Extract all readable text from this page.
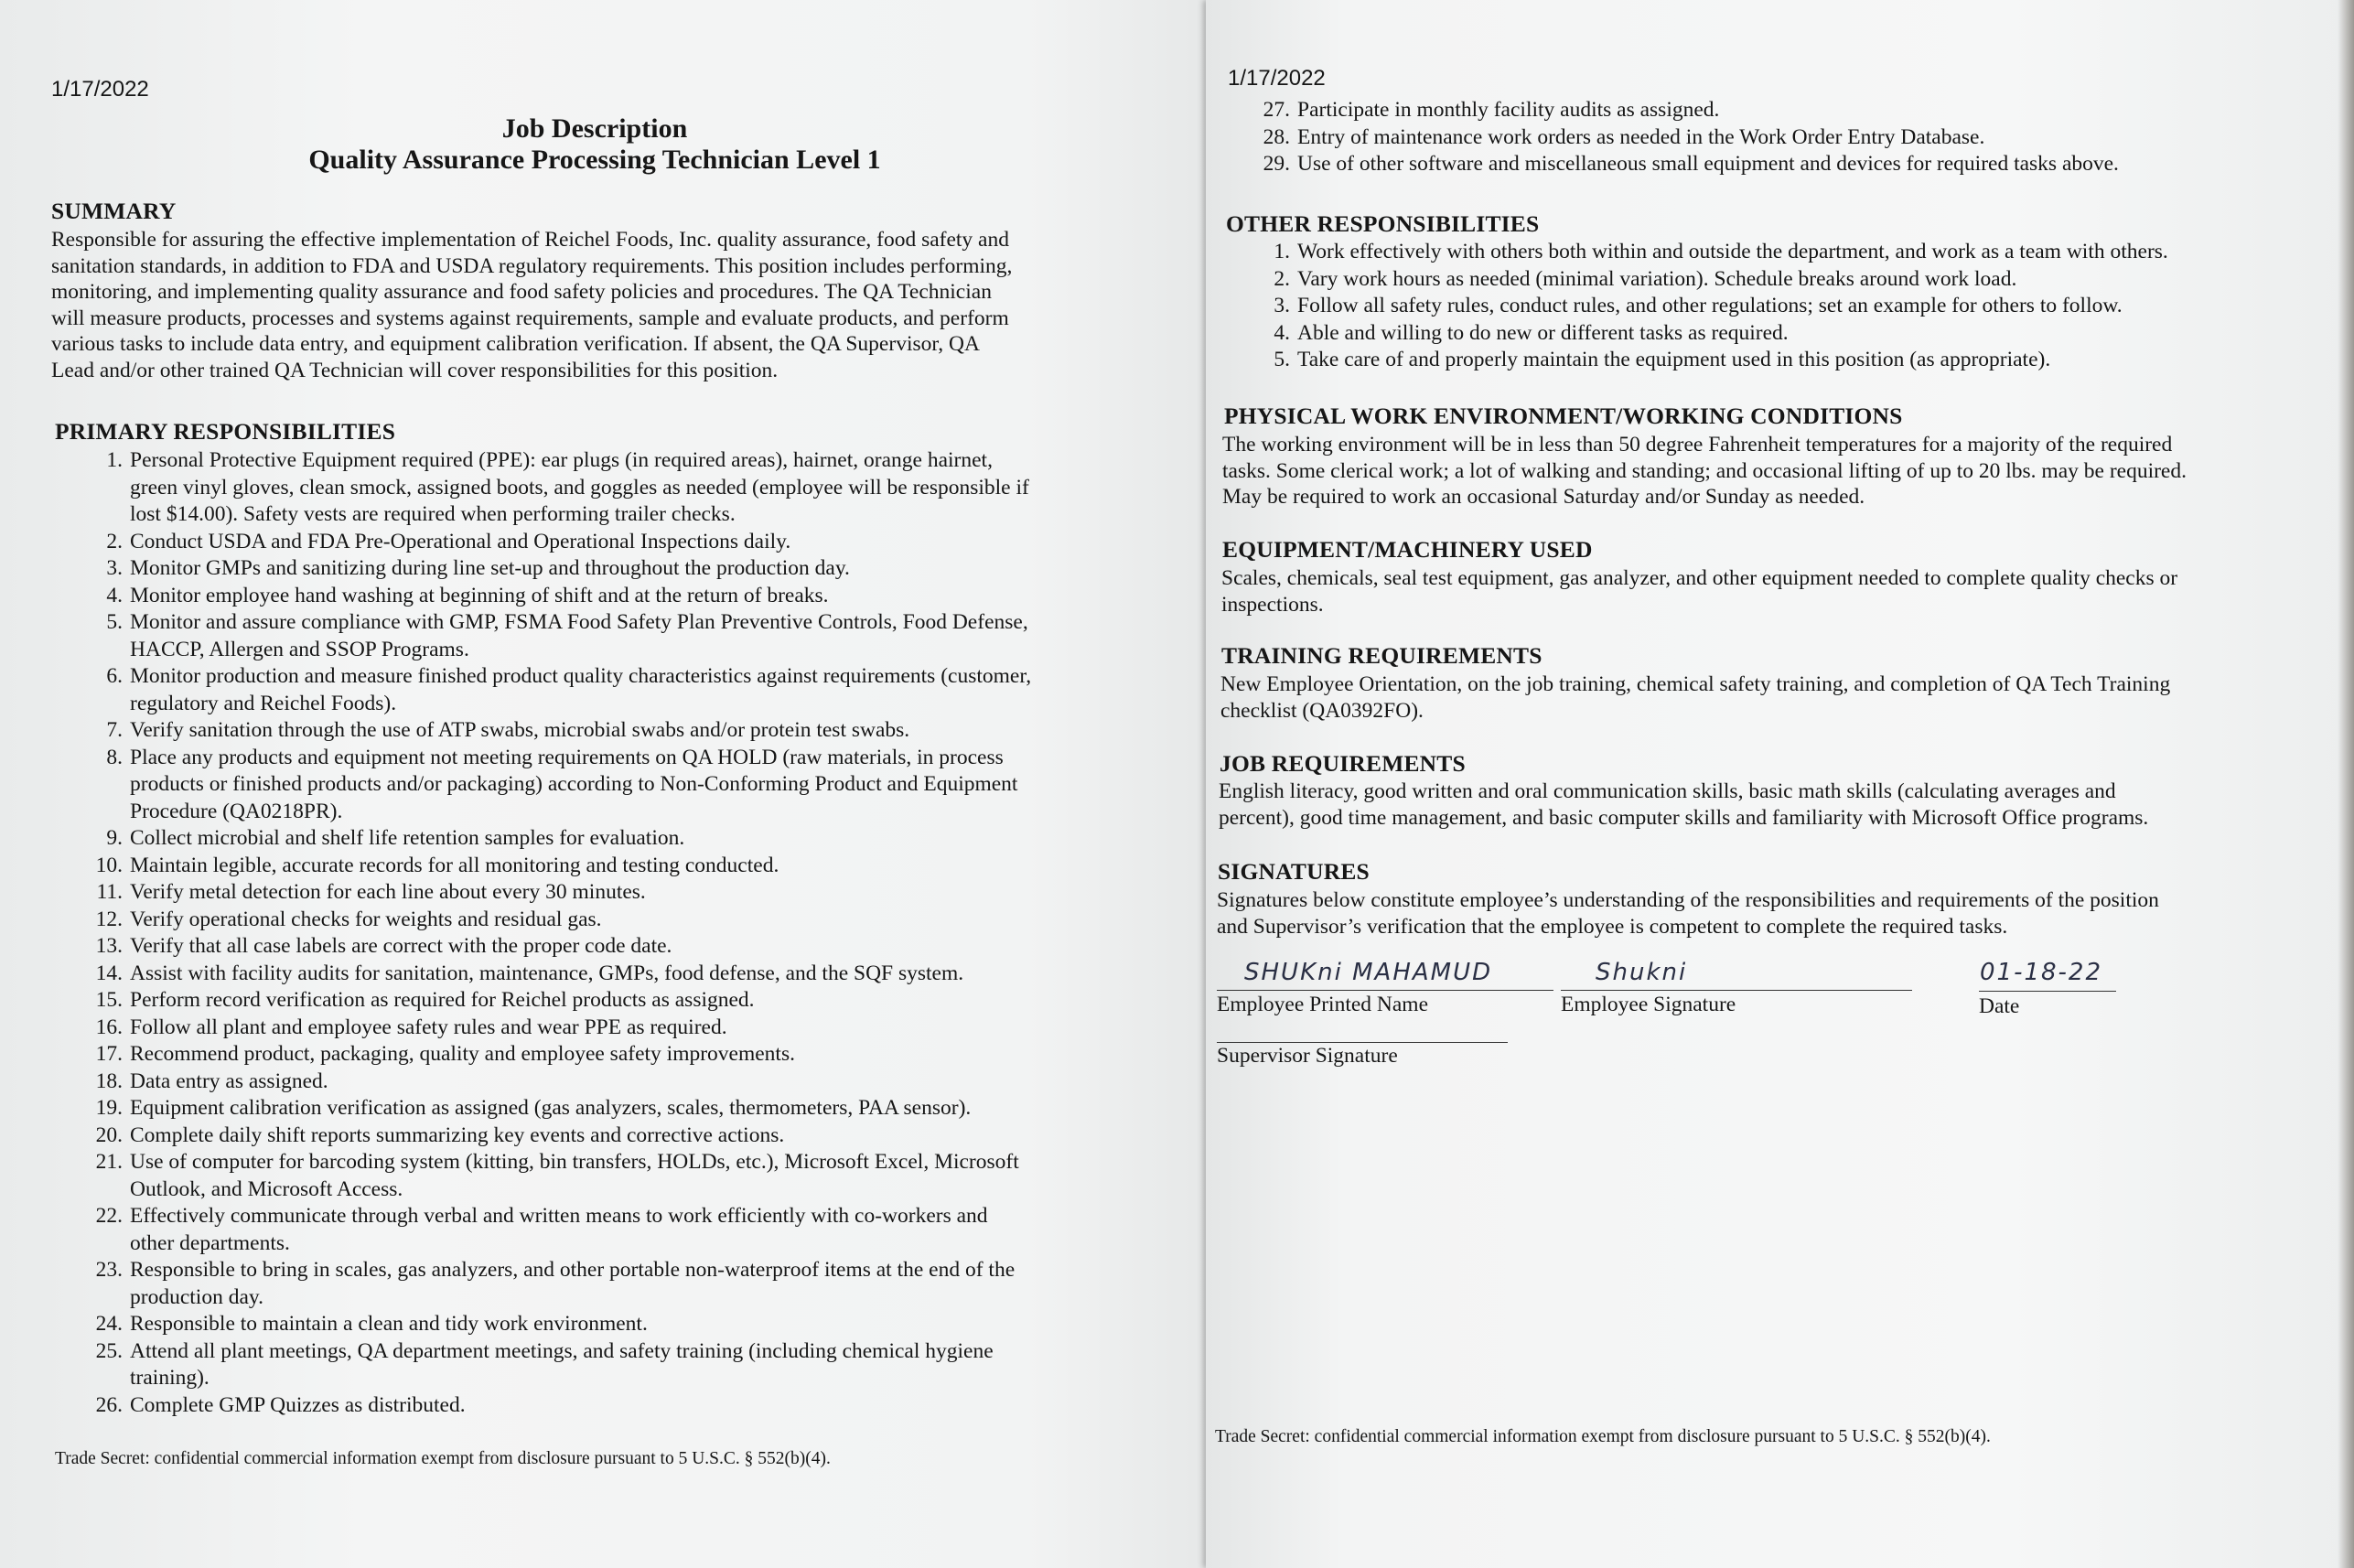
1/17/2022
Job Description
Quality Assurance Processing Technician Level 1
SUMMARY
Responsible for assuring the effective implementation of Reichel Foods, Inc. quality assurance, food safety and
sanitation standards, in addition to FDA and USDA regulatory requirements. This position includes performing,
monitoring, and implementing quality assurance and food safety policies and procedures. The QA Technician
will measure products, processes and systems against requirements, sample and evaluate products, and perform
various tasks to include data entry, and equipment calibration verification. If absent, the QA Supervisor, QA
Lead and/or other trained QA Technician will cover responsibilities for this position.
PRIMARY RESPONSIBILITIES
1. Personal Protective Equipment required (PPE): ear plugs (in required areas), hairnet, orange hairnet,
green vinyl gloves, clean smock, assigned boots, and goggles as needed (employee will be responsible if
lost $14.00). Safety vests are required when performing trailer checks.
2. Conduct USDA and FDA Pre-Operational and Operational Inspections daily.
3. Monitor GMPs and sanitizing during line set-up and throughout the production day.
4. Monitor employee hand washing at beginning of shift and at the return of breaks.
5. Monitor and assure compliance with GMP, FSMA Food Safety Plan Preventive Controls, Food Defense,
HACCP, Allergen and SSOP Programs.
6. Monitor production and measure finished product quality characteristics against requirements (customer,
regulatory and Reichel Foods).
7. Verify sanitation through the use of ATP swabs, microbial swabs and/or protein test swabs.
8. Place any products and equipment not meeting requirements on QA HOLD (raw materials, in process
products or finished products and/or packaging) according to Non-Conforming Product and Equipment
Procedure (QA0218PR).
9. Collect microbial and shelf life retention samples for evaluation.
10. Maintain legible, accurate records for all monitoring and testing conducted.
11. Verify metal detection for each line about every 30 minutes.
12. Verify operational checks for weights and residual gas.
13. Verify that all case labels are correct with the proper code date.
14. Assist with facility audits for sanitation, maintenance, GMPs, food defense, and the SQF system.
15. Perform record verification as required for Reichel products as assigned.
16. Follow all plant and employee safety rules and wear PPE as required.
17. Recommend product, packaging, quality and employee safety improvements.
18. Data entry as assigned.
19. Equipment calibration verification as assigned (gas analyzers, scales, thermometers, PAA sensor).
20. Complete daily shift reports summarizing key events and corrective actions.
21. Use of computer for barcoding system (kitting, bin transfers, HOLDs, etc.), Microsoft Excel, Microsoft
Outlook, and Microsoft Access.
22. Effectively communicate through verbal and written means to work efficiently with co-workers and
other departments.
23. Responsible to bring in scales, gas analyzers, and other portable non-waterproof items at the end of the
production day.
24. Responsible to maintain a clean and tidy work environment.
25. Attend all plant meetings, QA department meetings, and safety training (including chemical hygiene
training).
26. Complete GMP Quizzes as distributed.
Trade Secret: confidential commercial information exempt from disclosure pursuant to 5 U.S.C. § 552(b)(4).
1/17/2022
27. Participate in monthly facility audits as assigned.
28. Entry of maintenance work orders as needed in the Work Order Entry Database.
29. Use of other software and miscellaneous small equipment and devices for required tasks above.
OTHER RESPONSIBILITIES
1. Work effectively with others both within and outside the department, and work as a team with others.
2. Vary work hours as needed (minimal variation). Schedule breaks around work load.
3. Follow all safety rules, conduct rules, and other regulations; set an example for others to follow.
4. Able and willing to do new or different tasks as required.
5. Take care of and properly maintain the equipment used in this position (as appropriate).
PHYSICAL WORK ENVIRONMENT/WORKING CONDITIONS
The working environment will be in less than 50 degree Fahrenheit temperatures for a majority of the required
tasks. Some clerical work; a lot of walking and standing; and occasional lifting of up to 20 lbs. may be required.
May be required to work an occasional Saturday and/or Sunday as needed.
EQUIPMENT/MACHINERY USED
Scales, chemicals, seal test equipment, gas analyzer, and other equipment needed to complete quality checks or
inspections.
TRAINING REQUIREMENTS
New Employee Orientation, on the job training, chemical safety training, and completion of QA Tech Training
checklist (QA0392FO).
JOB REQUIREMENTS
English literacy, good written and oral communication skills, basic math skills (calculating averages and
percent), good time management, and basic computer skills and familiarity with Microsoft Office programs.
SIGNATURES
Signatures below constitute employee’s understanding of the responsibilities and requirements of the position
and Supervisor’s verification that the employee is competent to complete the required tasks.
SHUKni MAHAMUD
Employee Printed Name
Shukni
Employee Signature
01-18-22
Date
Supervisor Signature
Trade Secret: confidential commercial information exempt from disclosure pursuant to 5 U.S.C. § 552(b)(4).
